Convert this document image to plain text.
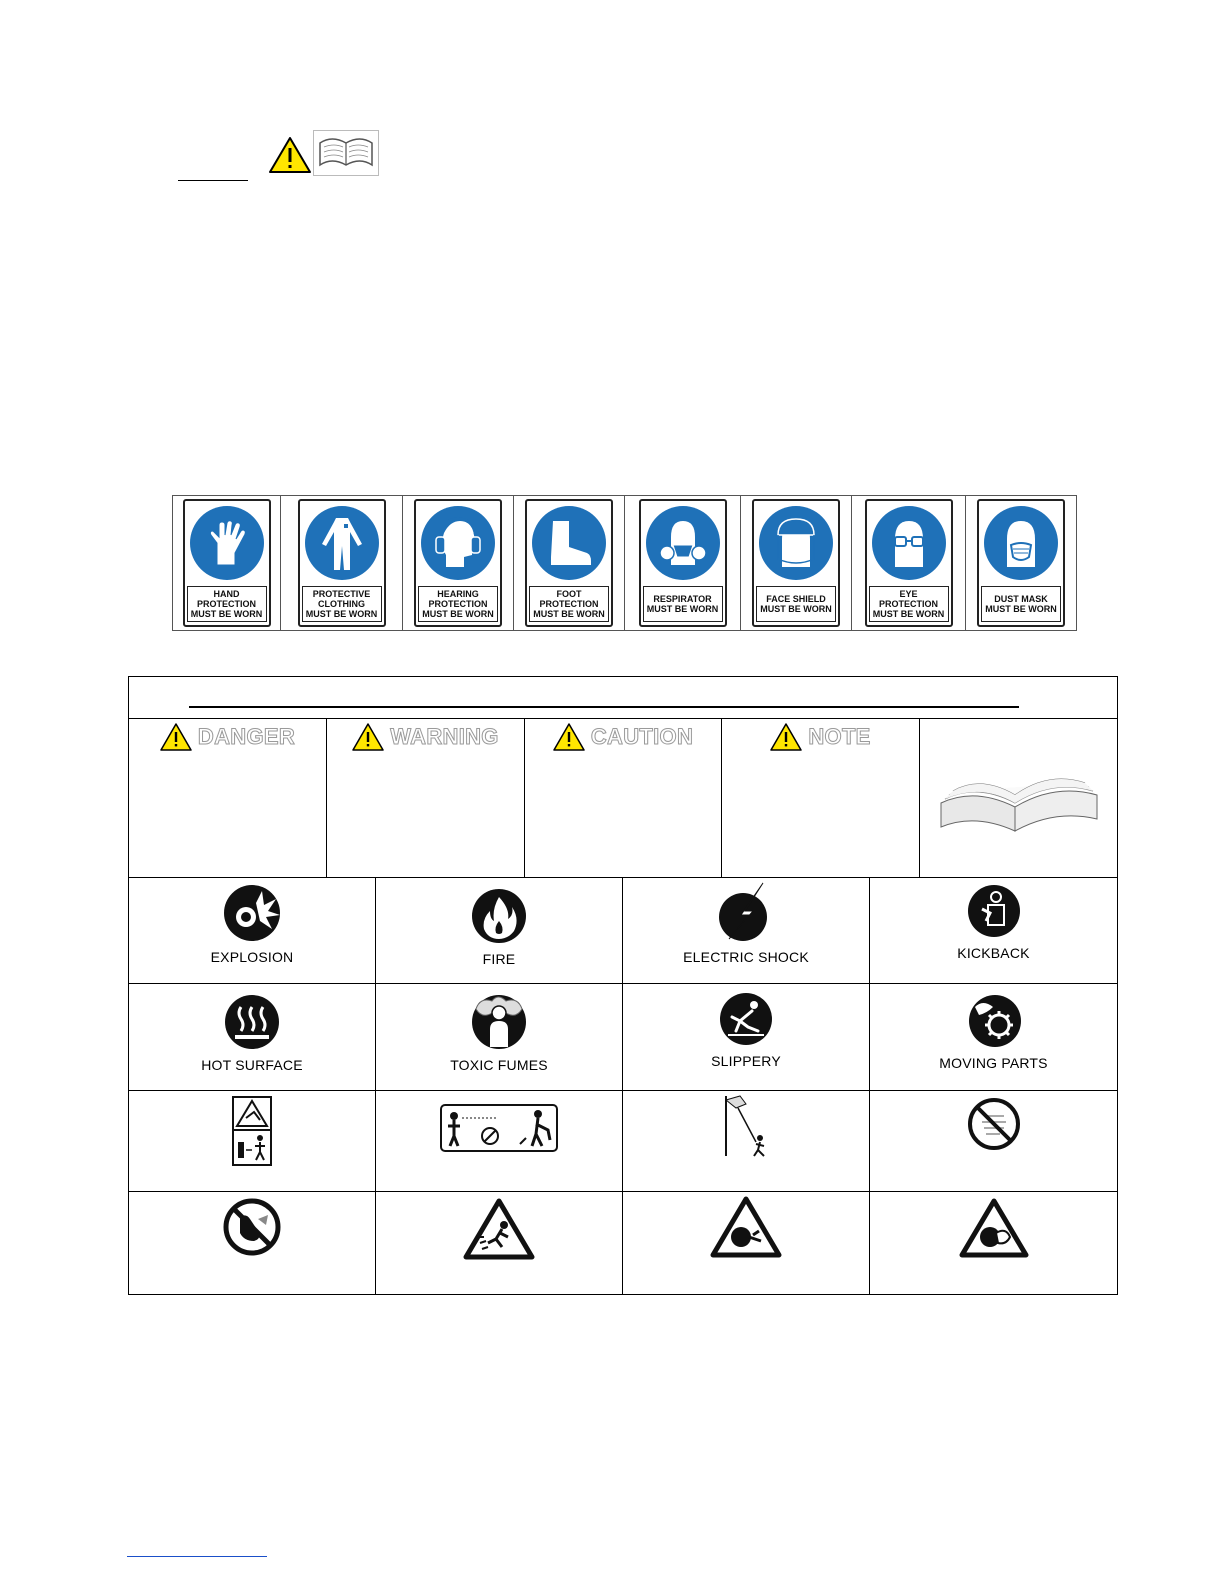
HAND
PROTECTION
MUST BE WORN
PROTECTIVE
CLOTHING
MUST BE WORN
HEARING
PROTECTION
MUST BE WORN
FOOT
PROTECTION
MUST BE WORN
RESPIRATOR
MUST BE WORN
FACE SHIELD
MUST BE WORN
EYE
PROTECTION
MUST BE WORN
DUST MASK
MUST BE WORN
DANGER	WARNING	CAUTION	NOTE
EXPLOSION	FIRE	ELECTRIC SHOCK	KICKBACK
HOT SURFACE	TOXIC FUMES	SLIPPERY	MOVING PARTS
